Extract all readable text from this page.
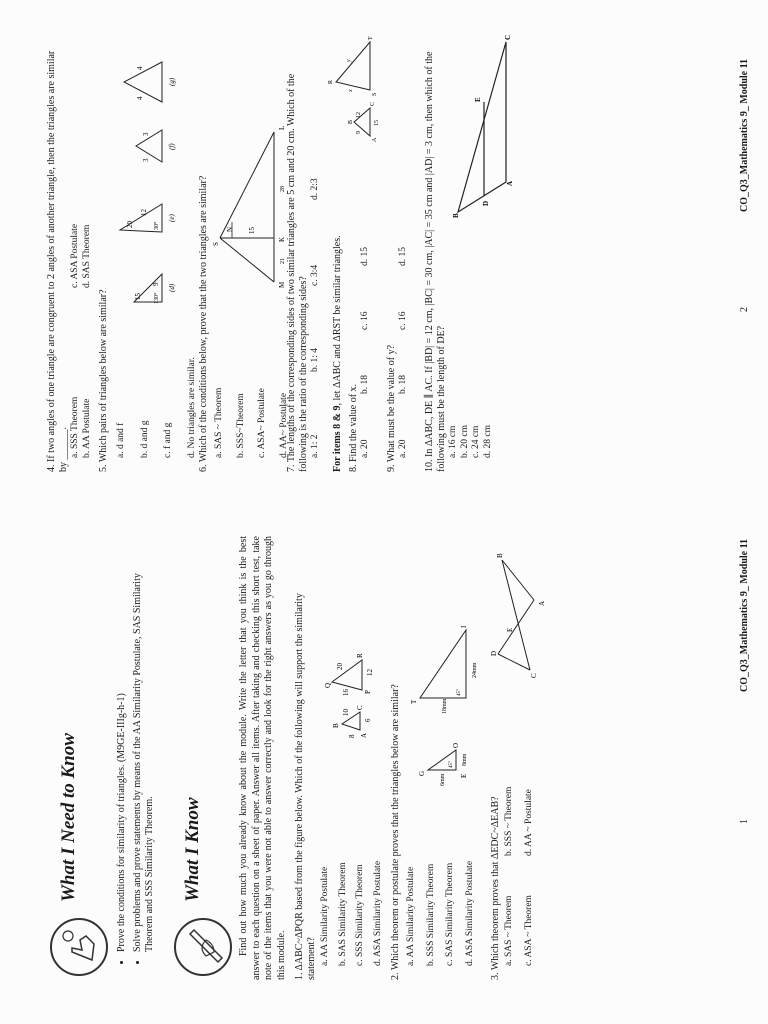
What I Need to Know	• Prove the conditions for similarity of triangles. (M9GE-IIIg-h-1) • Solve problems and prove statements by means of the AA Similarity Postulate, SAS Similarity Theorem and SSS Similarity Theorem. What I Know	Find out how much you already know about the module. Write the letter that you think is the best answer to each question on a sheet of paper. Answer all items. After taking and checking this short test, take note of the items that you were not able to answer correctly and look for the right answers as you go through this module. 1. ΔABC~ΔPQR based from the figure below. Which of the following will support the similarity statement? a. AA Similarity Postulate b. SAS Similarity Theorem c. SSS Similarity Theorem d. ASA Similarity Postulate
B
A
C
8
10
6
Q
P
R
16
20
12
2. Which theorem or postulate proves that the triangles below are similar? a. AA Similarity Postulate b. SSS Similarity Theorem c. SAS Similarity Theorem d. ASA Similarity Postulate
G	E
O
6mm
8mm
45°
T
I
18mm
24mm
45°
3. Which theorem proves that ΔEDC~ΔEAB? a. SAS ~ Theorem
b. SSS ~ Theorem
c. ASA ~ Theorem
d. AA ~ Postulate
D
C
E
A
B
1
CO_Q3_Mathematics 9_ Module 11
4. If two angles of one triangle are congruent to 2 angles of another triangle, then the triangles are similar by ______. a. SSS Theorem
c. ASA Postulate
b. AA Postulate
d. SAS Theorem
5. Which pairs of triangles below are similar? a. d and f b. d and g c. f and g d. No triangles are similar.
15
9
130°
(d)
20
12
30°
(e)
3
3
(f)
4
4
(g)
6. Which of the conditions below, prove that the two triangles are similar? a. SAS ~ Theorem b. SSS~Theorem c. ASA~ Postulate d. AA~ Postulate
S
N
M
K
L
15
21
28 7. The lengths of the corresponding sides of two similar triangles are 5 cm and 20 cm. Which of the following is the ratio of the corresponding sides? a. 1: 2
b. 1: 4
c. 3:4
d. 2:3
For items 8 & 9, let ΔABC and ΔRST be similar triangles.
8. Find the value of x. a. 20
b. 18
c. 16
d. 15
9. What must be the value of y? a. 20
b. 18
c. 16
d. 15
9
12
15
A
B
C
R
S
T
x
y	10. In ΔABC, DE ∥ AC. If |BD| = 12 cm, |BC| = 30 cm, |AC| = 35 cm and |AD| = 3 cm, then which of the following must be the length of DE? a. 16 cm b. 20 cm c. 24 cm d. 28 cm
B
D
E
A
C
2
CO_Q3_Mathematics 9_ Module 11
